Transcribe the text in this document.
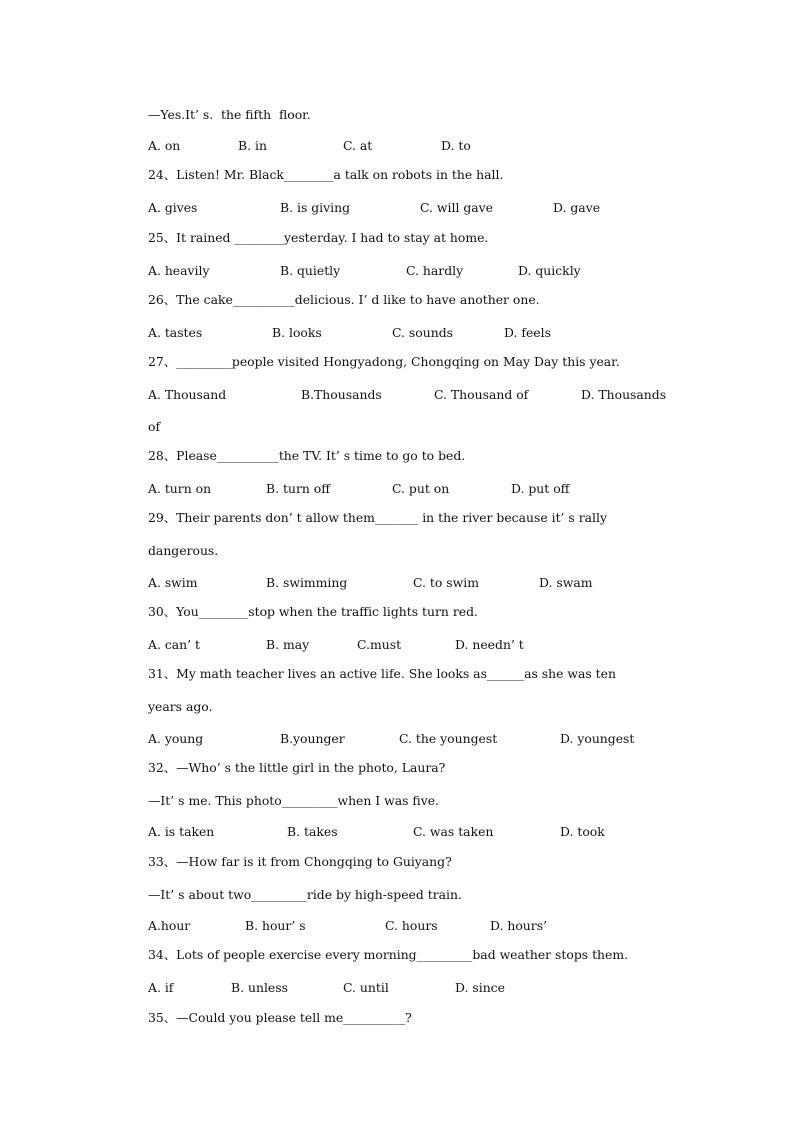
—Yes.It’ s.  the fifth  floor.

A. on

	B. in

	C. at

	D. to

24、Listen! Mr. Black________a talk on robots in the hall.

A. gives

	B. is giving

	C. will gave

	D. gave

25、It rained ________yesterday. I had to stay at home.

A. heavily

	B. quietly

	C. hardly

	D. quickly

26、The cake__________delicious. I’ d like to have another one.

A. tastes

	B. looks

	C. sounds

	D. feels

27、_________people visited Hongyadong, Chongqing on May Day this year.

A. Thousand

	B.Thousands

	C. Thousand of

	D. Thousands

of
28、Please__________the TV. It’ s time to go to bed.

A. turn on

	B. turn off

	C. put on

	D. put off

29、Their parents don’ t allow them_______ in the river because it’ s rally
dangerous.

A. swim

	B. swimming

	C. to swim

	D. swam

30、You________stop when the traffic lights turn red.

A. can’ t

	B. may

	C.must

	D. needn’ t

31、My math teacher lives an active life. She looks as______as she was ten
years ago.

A. young

	B.younger

	C. the youngest

	D. youngest

32、—Who’ s the little girl in the photo, Laura?
—It’ s me. This photo_________when I was five.

A. is taken

	B. takes

	C. was taken

	D. took

33、—How far is it from Chongqing to Guiyang?
—It’ s about two_________ride by high-speed train.

A.hour

	B. hour’ s

	C. hours

	D. hours’

34、Lots of people exercise every morning_________bad weather stops them.

A. if

	B. unless

	C. until

	D. since

35、—Could you please tell me__________?
